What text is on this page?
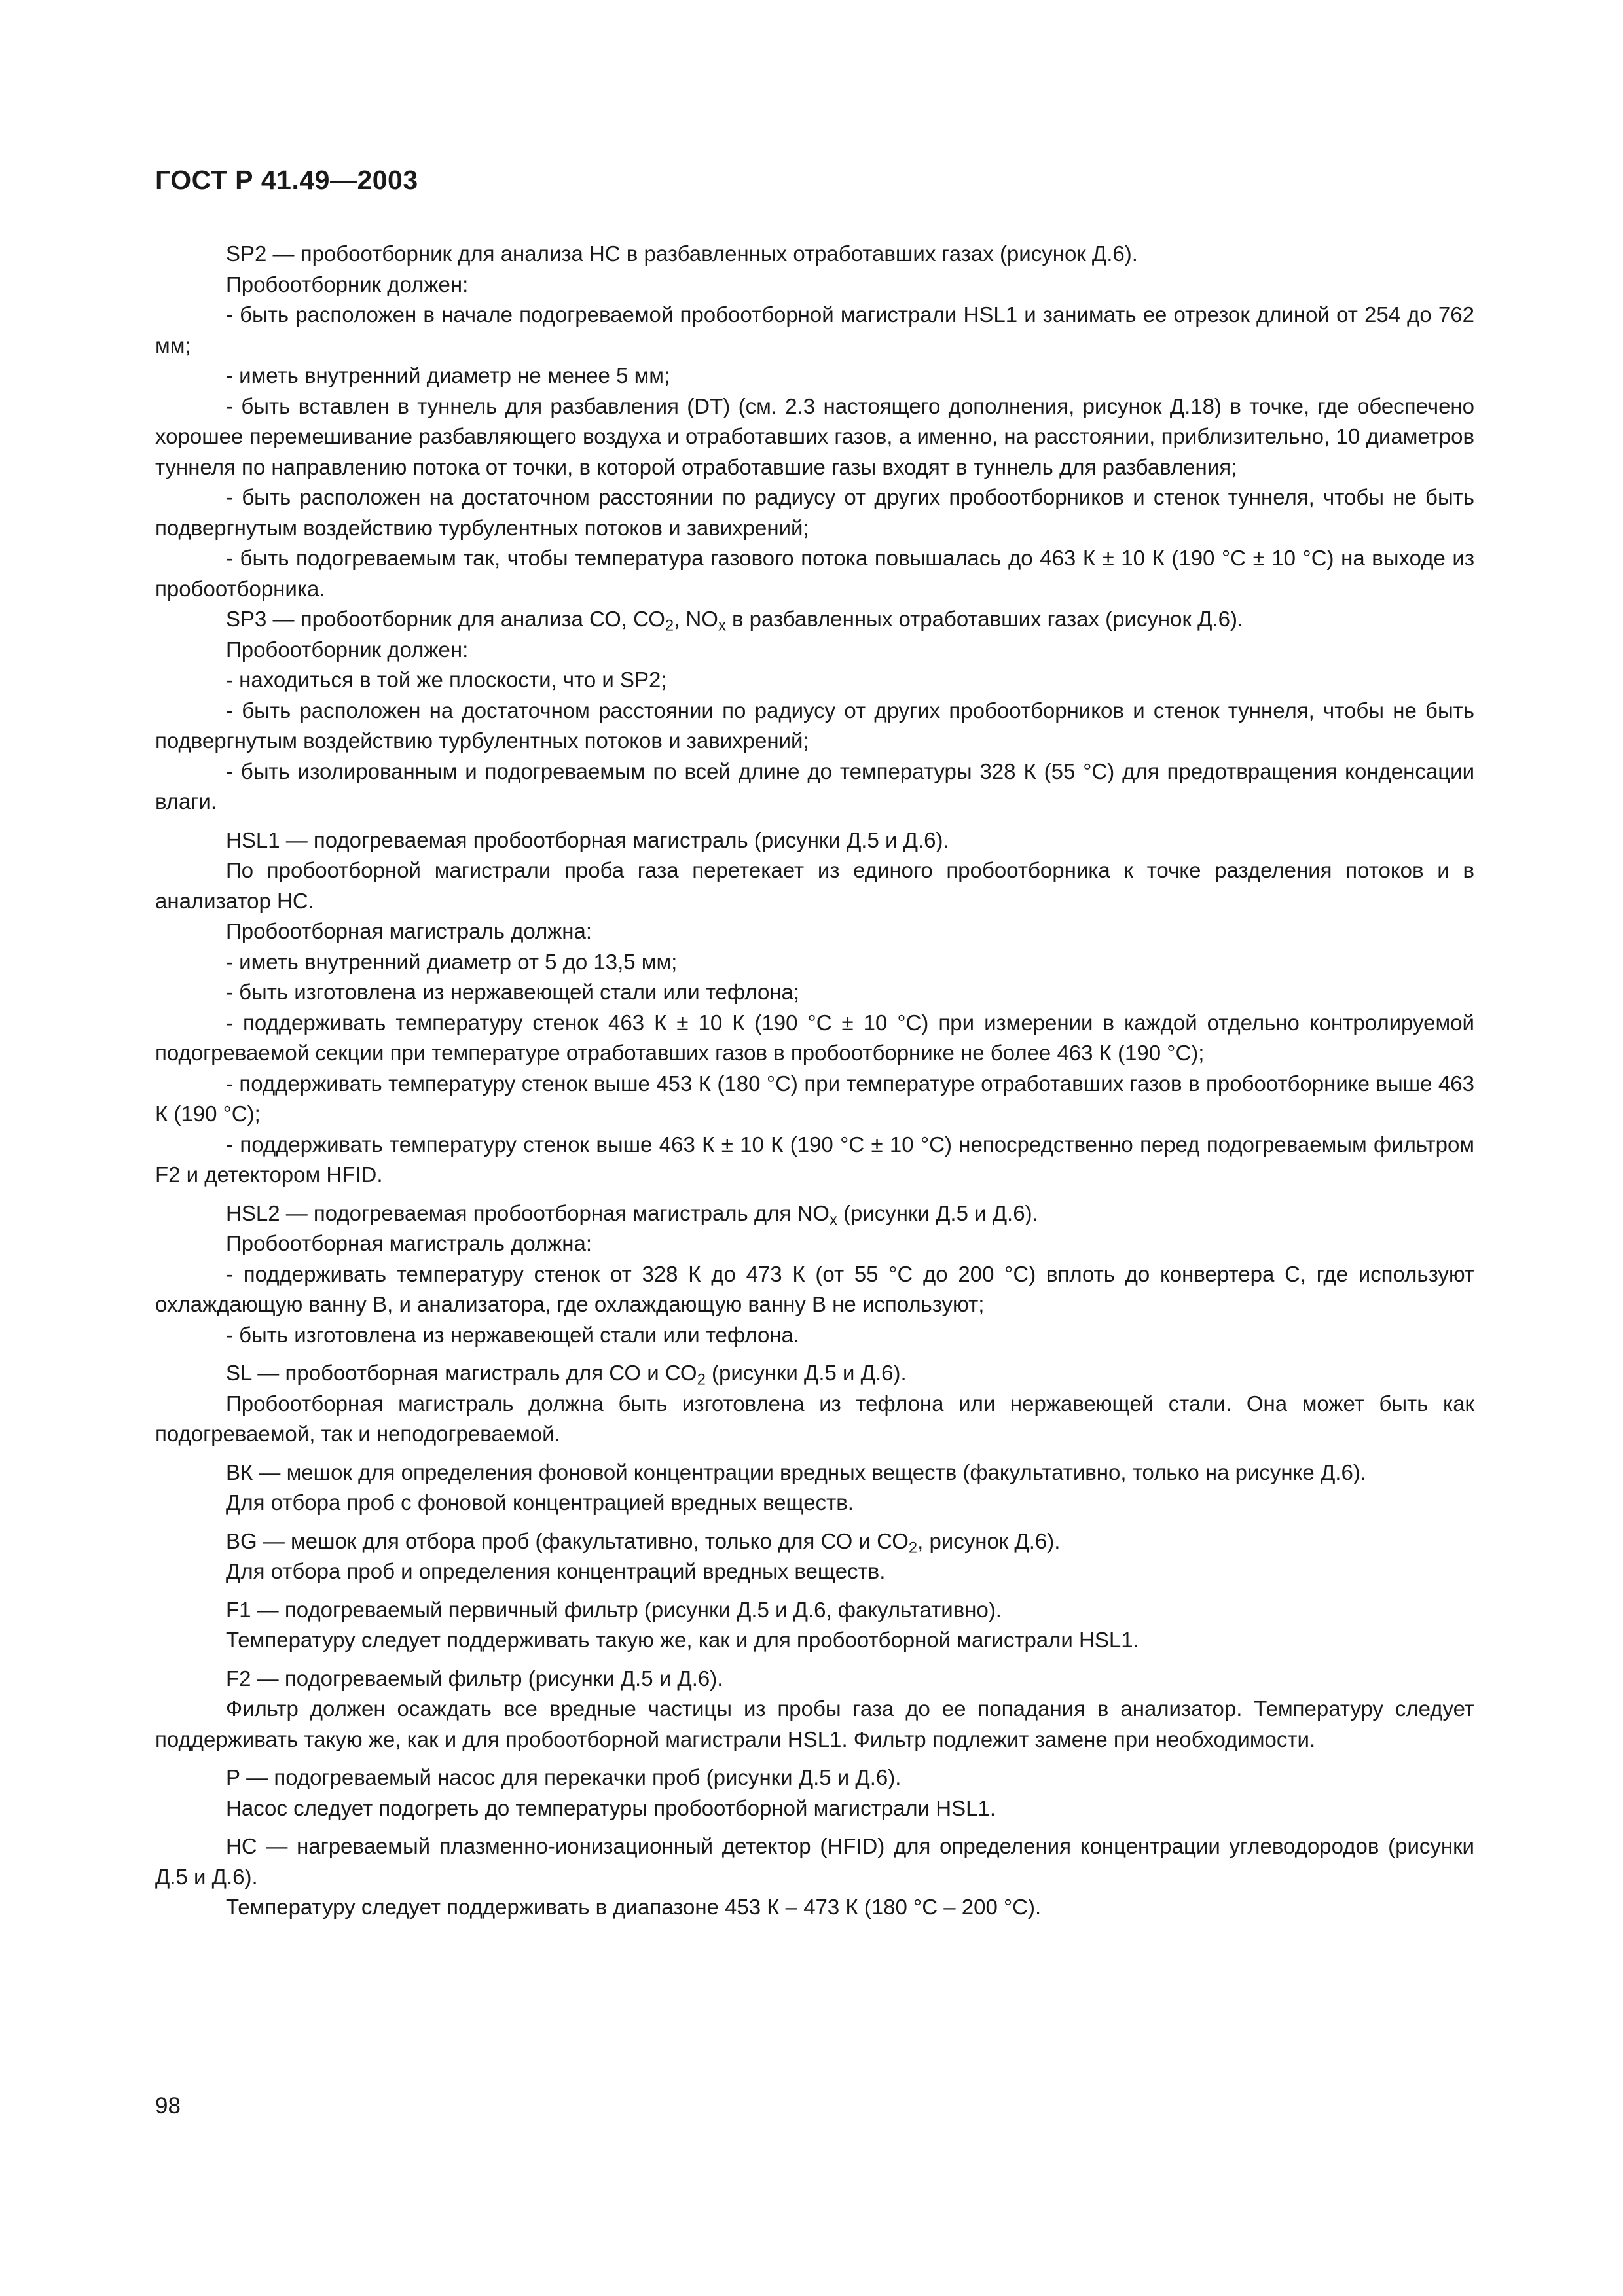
ГОСТ Р 41.49—2003

SP2 — пробоотборник для анализа НС в разбавленных отработавших газах (рисунок Д.6).

Пробоотборник должен:

- быть расположен в начале подогреваемой пробоотборной магистрали HSL1 и занимать ее отрезок длиной от 254 до 762 мм;

- иметь внутренний диаметр не менее 5 мм;

- быть вставлен в туннель для разбавления (DT) (см. 2.3 настоящего дополнения, рисунок Д.18) в точке, где обеспечено хорошее перемешивание разбавляющего воздуха и отработавших газов, а именно, на расстоянии, приблизительно, 10 диаметров туннеля по направлению потока от точки, в которой отработавшие газы входят в туннель для разбавления;

- быть расположен на достаточном расстоянии по радиусу от других пробоотборников и стенок туннеля, чтобы не быть подвергнутым воздействию турбулентных потоков и завихрений;

- быть подогреваемым так, чтобы температура газового потока повышалась до 463 К ± 10 К (190 °С ± 10 °С) на выходе из пробоотборника.

SP3 — пробоотборник для анализа СО, $СО_2$, $NO_x$ в разбавленных отработавших газах (рисунок Д.6).

Пробоотборник должен:

- находиться в той же плоскости, что и SP2;

- быть расположен на достаточном расстоянии по радиусу от других пробоотборников и стенок туннеля, чтобы не быть подвергнутым воздействию турбулентных потоков и завихрений;

- быть изолированным и подогреваемым по всей длине до температуры 328 К (55 °С) для предотвращения конденсации влаги.

HSL1 — подогреваемая пробоотборная магистраль (рисунки Д.5 и Д.6).

По пробоотборной магистрали проба газа перетекает из единого пробоотборника к точке разделения потоков и в анализатор НС.

Пробоотборная магистраль должна:

- иметь внутренний диаметр от 5 до 13,5 мм;

- быть изготовлена из нержавеющей стали или тефлона;

- поддерживать температуру стенок 463 К ± 10 К (190 °С ± 10 °С) при измерении в каждой отдельно контролируемой подогреваемой секции при температуре отработавших газов в пробоотборнике не более 463 К (190 °С);

- поддерживать температуру стенок выше 453 К (180 °С) при температуре отработавших газов в пробоотборнике выше 463 К (190 °С);

- поддерживать температуру стенок выше 463 К ± 10 К (190 °С ± 10 °С) непосредственно перед подогреваемым фильтром F2 и детектором HFID.

HSL2 — подогреваемая пробоотборная магистраль для $NO_x$ (рисунки Д.5 и Д.6).

Пробоотборная магистраль должна:

- поддерживать температуру стенок от 328 К до 473 К (от 55 °С до 200 °С) вплоть до конвертера С, где используют охлаждающую ванну В, и анализатора, где охлаждающую ванну В не используют;

- быть изготовлена из нержавеющей стали или тефлона.

SL — пробоотборная магистраль для СО и $СО_2$ (рисунки Д.5 и Д.6).

Пробоотборная магистраль должна быть изготовлена из тефлона или нержавеющей стали. Она может быть как подогреваемой, так и неподогреваемой.

ВК — мешок для определения фоновой концентрации вредных веществ (факультативно, только на рисунке Д.6).

Для отбора проб с фоновой концентрацией вредных веществ.

BG — мешок для отбора проб (факультативно, только для СО и $СО_2$, рисунок Д.6).

Для отбора проб и определения концентраций вредных веществ.

F1 — подогреваемый первичный фильтр (рисунки Д.5 и Д.6, факультативно).

Температуру следует поддерживать такую же, как и для пробоотборной магистрали HSL1.

F2 — подогреваемый фильтр (рисунки Д.5 и Д.6).

Фильтр должен осаждать все вредные частицы из пробы газа до ее попадания в анализатор. Температуру следует поддерживать такую же, как и для пробоотборной магистрали HSL1. Фильтр подлежит замене при необходимости.

Р — подогреваемый насос для перекачки проб (рисунки Д.5 и Д.6).

Насос следует подогреть до температуры пробоотборной магистрали HSL1.

НС — нагреваемый плазменно-ионизационный детектор (HFID) для определения концентрации углеводородов (рисунки Д.5 и Д.6).

Температуру следует поддерживать в диапазоне 453 К – 473 К (180 °С – 200 °С).

98
